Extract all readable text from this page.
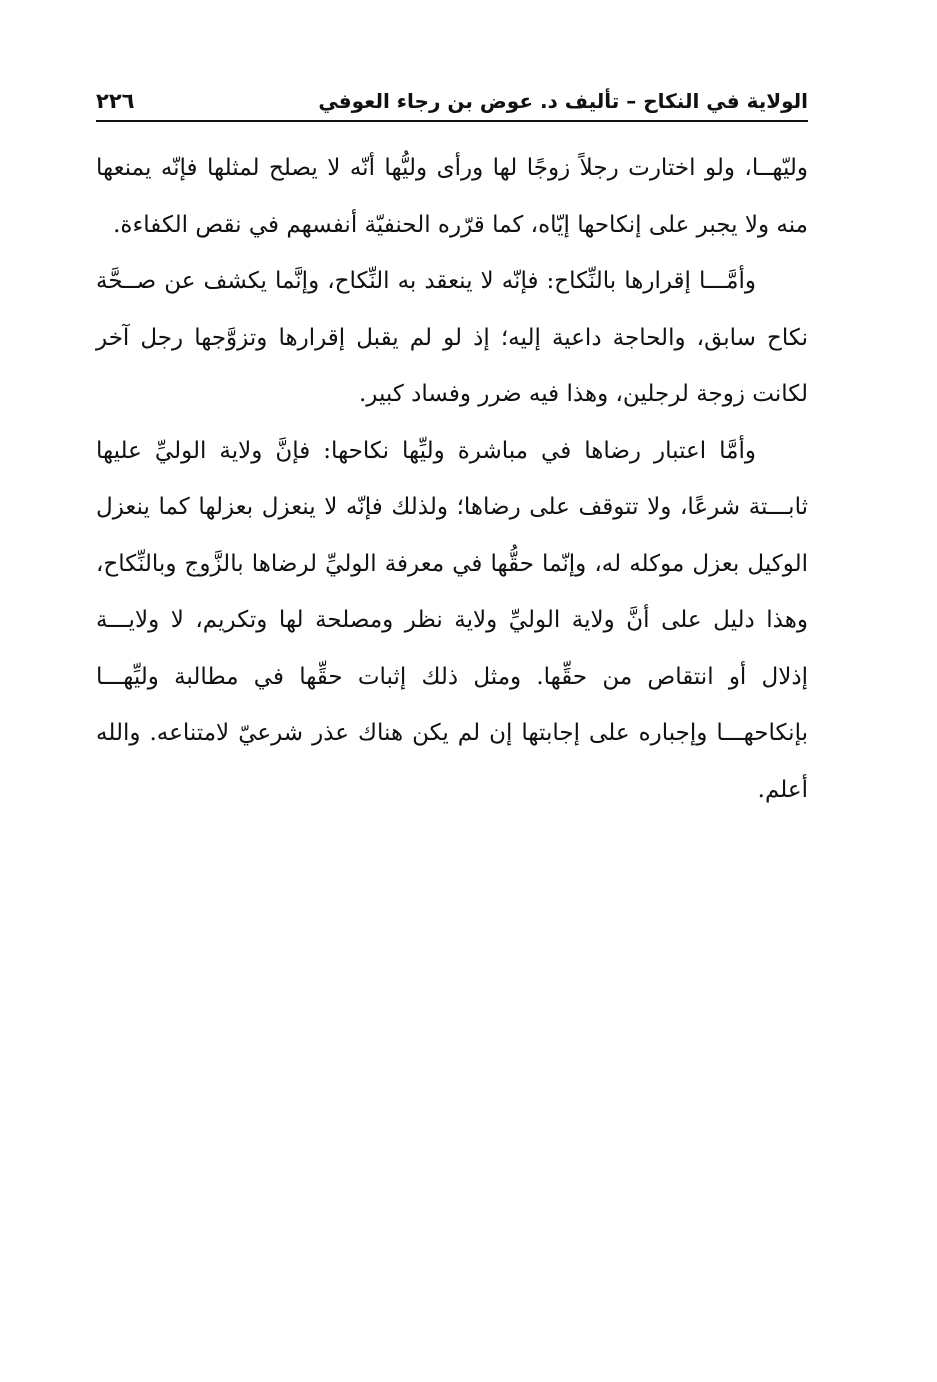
الولاية في النكاح – تأليف د. عوض بن رجاء العوفي
٢٢٦

وليّهــا، ولو اختارت رجلاً زوجًا لها ورأى وليُّها أنّه لا يصلح لمثلها فإنّه يمنعها منه ولا يجبر على إنكاحها إيّاه، كما قرّره الحنفيّة أنفسهم في نقص الكفاءة.

وأمَّـــا إقرارها بالنِّكاح: فإنّه لا ينعقد به النِّكاح، وإنَّما يكشف عن صــحَّة نكاح سابق، والحاجة داعية إليه؛ إذ لو لم يقبل إقرارها وتزوَّجها رجل آخر لكانت زوجة لرجلين، وهذا فيه ضرر وفساد كبير.

وأمَّا اعتبار رضاها في مباشرة وليِّها نكاحها: فإنَّ ولاية الوليِّ عليها ثابـــتة شرعًا، ولا تتوقف على رضاها؛ ولذلك فإنّه لا ينعزل بعزلها كما ينعزل الوكيل بعزل موكله له، وإنّما حقُّها في معرفة الوليِّ لرضاها بالزَّوج وبالنِّكاح، وهذا دليل على أنَّ ولاية الوليِّ ولاية نظر ومصلحة لها وتكريم، لا ولايـــة إذلال أو انتقاص من حقِّها. ومثل ذلك إثبات حقِّها في مطالبة وليِّهـــا بإنكاحهـــا وإجباره على إجابتها إن لم يكن هناك عذر شرعيّ لامتناعه. والله أعلم.
